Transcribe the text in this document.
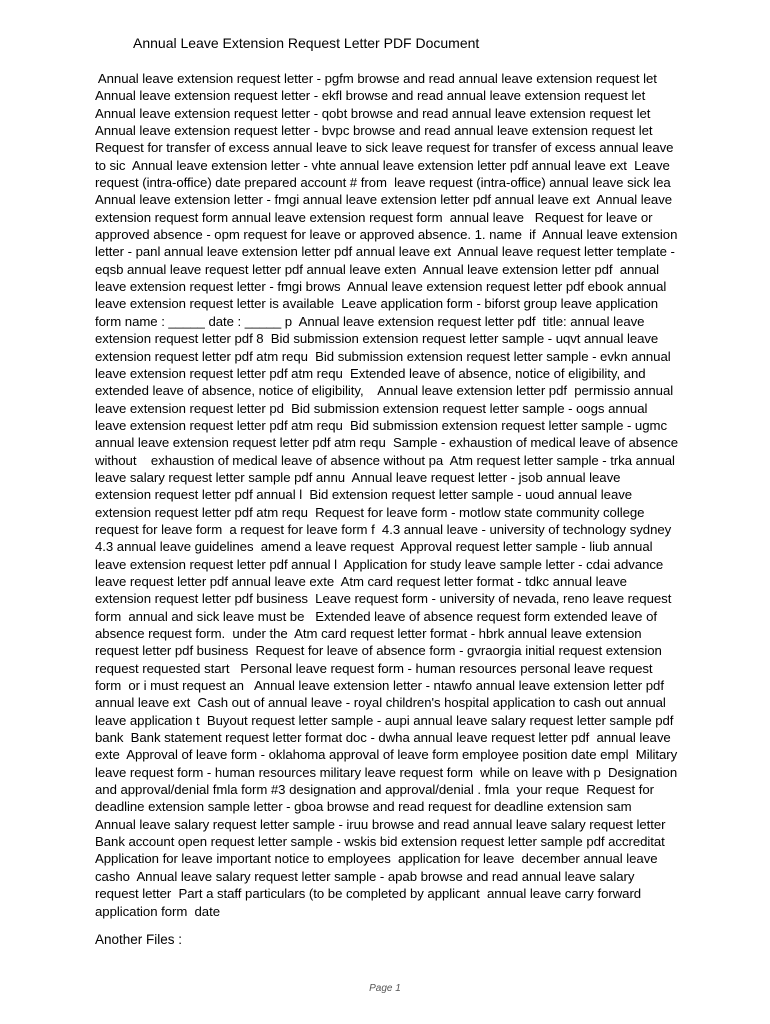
Annual Leave Extension Request Letter PDF Document
Annual leave extension request letter - pgfm browse and read annual leave extension request let
Annual leave extension request letter - ekfl browse and read annual leave extension request let
Annual leave extension request letter - qobt browse and read annual leave extension request let
Annual leave extension request letter - bvpc browse and read annual leave extension request let
Request for transfer of excess annual leave to sick leave request for transfer of excess annual leave
to sic  Annual leave extension letter - vhte annual leave extension letter pdf annual leave ext  Leave
request (intra-office) date prepared account # from  leave request (intra-office) annual leave sick lea
Annual leave extension letter - fmgi annual leave extension letter pdf annual leave ext  Annual leave
extension request form annual leave extension request form  annual leave   Request for leave or
approved absence - opm request for leave or approved absence. 1. name  if  Annual leave extension
letter - panl annual leave extension letter pdf annual leave ext  Annual leave request letter template -
eqsb annual leave request letter pdf annual leave exten  Annual leave extension letter pdf  annual
leave extension request letter - fmgi brows  Annual leave extension request letter pdf ebook annual
leave extension request letter is available  Leave application form - biforst group leave application
form name : _____ date : _____ p  Annual leave extension request letter pdf  title: annual leave
extension request letter pdf 8  Bid submission extension request letter sample - uqvt annual leave
extension request letter pdf atm requ  Bid submission extension request letter sample - evkn annual
leave extension request letter pdf atm requ  Extended leave of absence, notice of eligibility, and
extended leave of absence, notice of eligibility,    Annual leave extension letter pdf  permissio annual
leave extension request letter pd  Bid submission extension request letter sample - oogs annual
leave extension request letter pdf atm requ  Bid submission extension request letter sample - ugmc
annual leave extension request letter pdf atm requ  Sample - exhaustion of medical leave of absence
without    exhaustion of medical leave of absence without pa  Atm request letter sample - trka annual
leave salary request letter sample pdf annu  Annual leave request letter - jsob annual leave
extension request letter pdf annual l  Bid extension request letter sample - uoud annual leave
extension request letter pdf atm requ  Request for leave form - motlow state community college
request for leave form  a request for leave form f  4.3 annual leave - university of technology sydney
4.3 annual leave guidelines  amend a leave request  Approval request letter sample - liub annual
leave extension request letter pdf annual l  Application for study leave sample letter - cdai advance
leave request letter pdf annual leave exte  Atm card request letter format - tdkc annual leave
extension request letter pdf business  Leave request form - university of nevada, reno leave request
form  annual and sick leave must be   Extended leave of absence request form extended leave of
absence request form.  under the  Atm card request letter format - hbrk annual leave extension
request letter pdf business  Request for leave of absence form - gvraorgia initial request extension
request requested start   Personal leave request form - human resources personal leave request
form  or i must request an   Annual leave extension letter - ntawfo annual leave extension letter pdf
annual leave ext  Cash out of annual leave - royal children's hospital application to cash out annual
leave application t  Buyout request letter sample - aupi annual leave salary request letter sample pdf
bank  Bank statement request letter format doc - dwha annual leave request letter pdf  annual leave
exte  Approval of leave form - oklahoma approval of leave form employee position date empl  Military
leave request form - human resources military leave request form  while on leave with p  Designation
and approval/denial fmla form #3 designation and approval/denial . fmla  your reque  Request for
deadline extension sample letter - gboa browse and read request for deadline extension sam
Annual leave salary request letter sample - iruu browse and read annual leave salary request letter
Bank account open request letter sample - wskis bid extension request letter sample pdf accreditat
Application for leave important notice to employees  application for leave  december annual leave
casho  Annual leave salary request letter sample - apab browse and read annual leave salary
request letter  Part a staff particulars (to be completed by applicant  annual leave carry forward
application form  date
Another Files :
Page 1
